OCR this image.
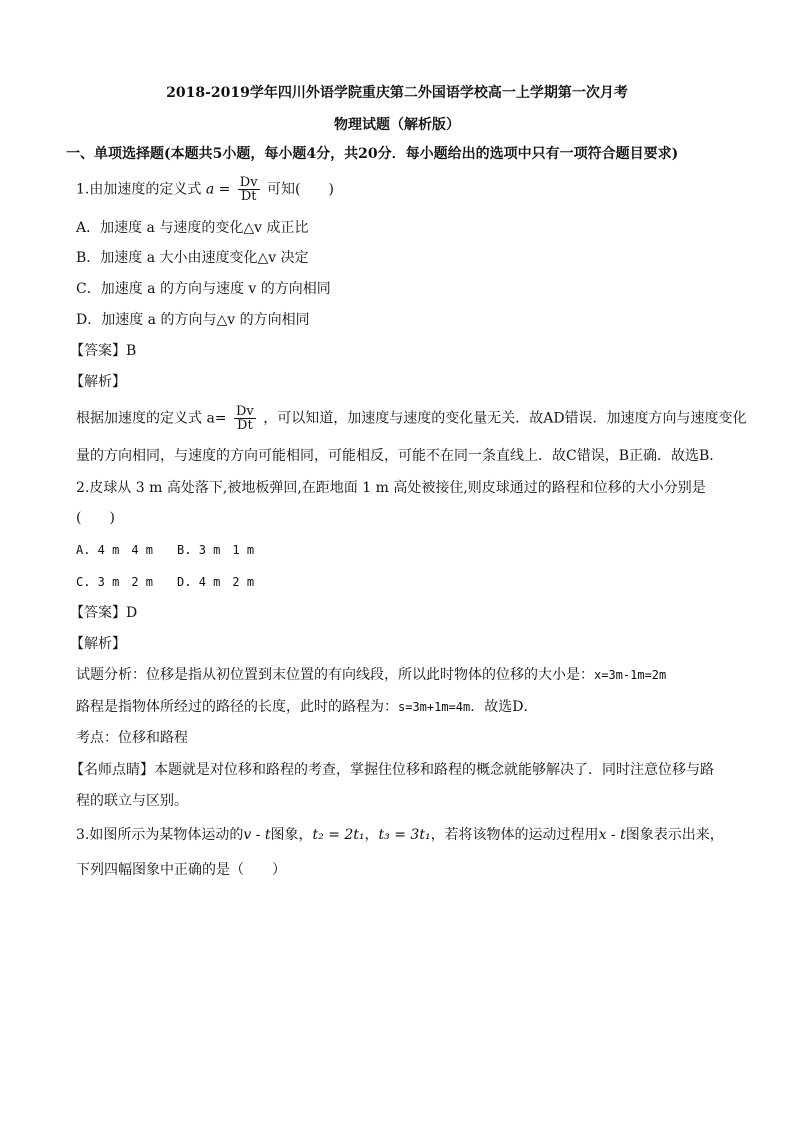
2018-2019学年四川外语学院重庆第二外国语学校高一上学期第一次月考
物理试题（解析版）
一、单项选择题(本题共5小题，每小题4分，共20分．每小题给出的选项中只有一项符合题目要求)
1.由加速度的定义式 $a = \frac{Dv}{Dt}$ 可知(　　)
A．加速度 a 与速度的变化△v 成正比
B．加速度 a 大小由速度变化△v 决定
C．加速度 a 的方向与速度 v 的方向相同
D．加速度 a 的方向与△v 的方向相同
【答案】B
【解析】
根据加速度的定义式 $a= \frac{Dv}{Dt}$ ，可以知道，加速度与速度的变化量无关．故AD错误．加速度方向与速度变化
量的方向相同，与速度的方向可能相同，可能相反，可能不在同一条直线上．故C错误，B正确．故选B.
2.皮球从 3 m 高处落下,被地板弹回,在距地面 1 m 高处被接住,则皮球通过的路程和位移的大小分别是
(　　)
A. 4 m　4 m　　B. 3 m　1 m
C. 3 m　2 m　　D. 4 m　2 m
【答案】D
【解析】
试题分析：位移是指从初位置到末位置的有向线段，所以此时物体的位移的大小是：x=3m-1m=2m
路程是指物体所经过的路径的长度，此时的路程为：s=3m+1m=4m．故选D．
考点：位移和路程
【名师点睛】本题就是对位移和路程的考查，掌握住位移和路程的概念就能够解决了．同时注意位移与路
程的联立与区别。
3.如图所示为某物体运动的v - t图象，t₂ = 2t₁，t₃ = 3t₁，若将该物体的运动过程用x - t图象表示出来，
下列四幅图象中正确的是（　　）
